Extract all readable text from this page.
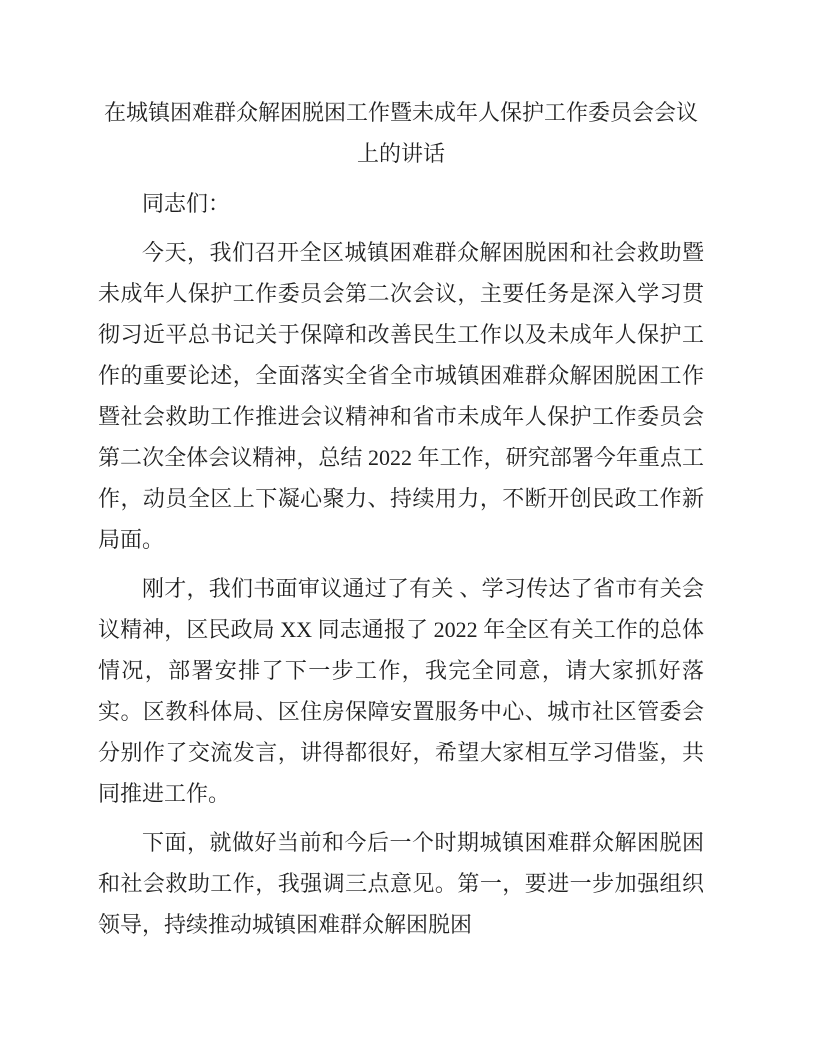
在城镇困难群众解困脱困工作暨未成年人保护工作委员会会议
上的讲话

同志们：

今天，我们召开全区城镇困难群众解困脱困和社会救助暨未成年人保护工作委员会第二次会议，主要任务是深入学习贯彻习近平总书记关于保障和改善民生工作以及未成年人保护工作的重要论述，全面落实全省全市城镇困难群众解困脱困工作暨社会救助工作推进会议精神和省市未成年人保护工作委员会第二次全体会议精神，总结 2022 年工作，研究部署今年重点工作，动员全区上下凝心聚力、持续用力，不断开创民政工作新局面。

刚才，我们书面审议通过了有关 、学习传达了省市有关会议精神，区民政局 XX 同志通报了 2022 年全区有关工作的总体情况，部署安排了下一步工作，我完全同意，请大家抓好落实。区教科体局、区住房保障安置服务中心、城市社区管委会分别作了交流发言，讲得都很好，希望大家相互学习借鉴，共同推进工作。

下面，就做好当前和今后一个时期城镇困难群众解困脱困和社会救助工作，我强调三点意见。第一，要进一步加强组织领导，持续推动城镇困难群众解困脱困
